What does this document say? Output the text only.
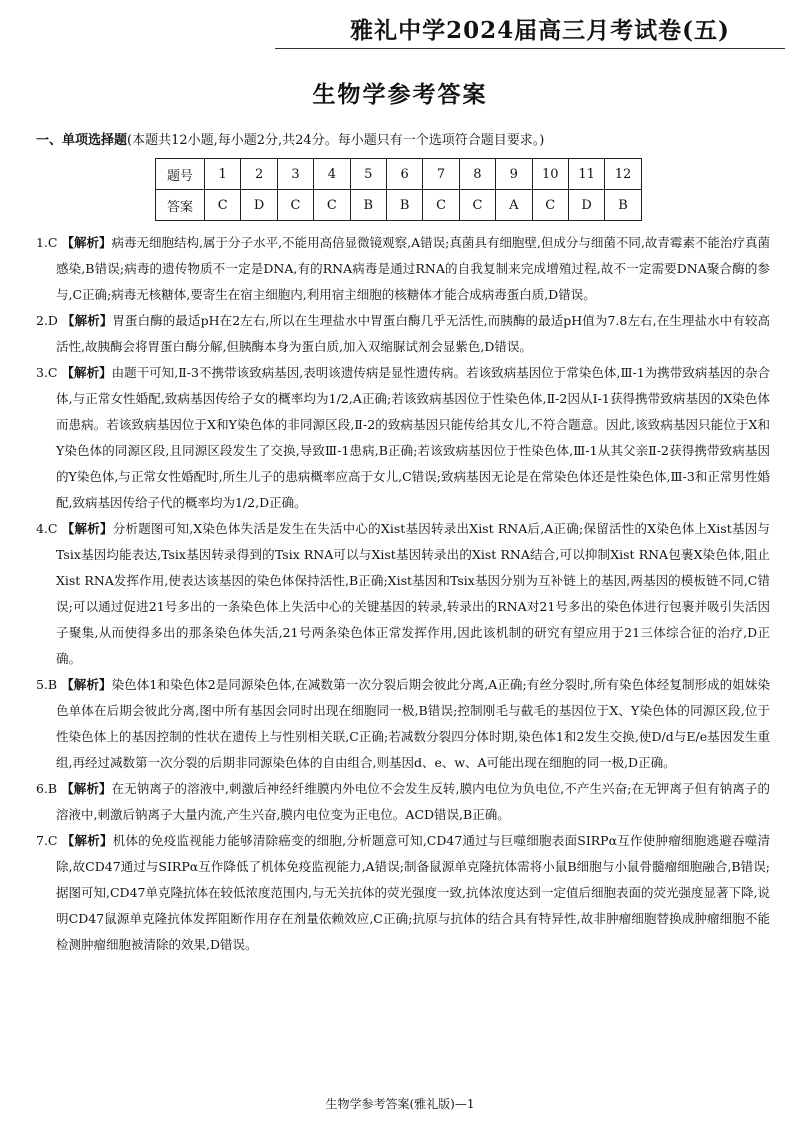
雅礼中学2024届高三月考试卷(五)
生物学参考答案
一、单项选择题(本题共12小题,每小题2分,共24分。每小题只有一个选项符合题目要求。)
题号	1	2	3	4	5	6	7	8	9	10	11	12
答案	C	D	C	C	B	B	C	C	A	C	D	B

1.C 【解析】病毒无细胞结构,属于分子水平,不能用高倍显微镜观察,A错误;真菌具有细胞壁,但成分与细菌不同,故青霉素不能治疗真菌感染,B错误;病毒的遗传物质不一定是DNA,有的RNA病毒是通过RNA的自我复制来完成增殖过程,故不一定需要DNA聚合酶的参与,C正确;病毒无核糖体,要寄生在宿主细胞内,利用宿主细胞的核糖体才能合成病毒蛋白质,D错误。

2.D 【解析】胃蛋白酶的最适pH在2左右,所以在生理盐水中胃蛋白酶几乎无活性,而胰酶的最适pH值为7.8左右,在生理盐水中有较高活性,故胰酶会将胃蛋白酶分解,但胰酶本身为蛋白质,加入双缩脲试剂会显紫色,D错误。

3.C 【解析】由题干可知,Ⅱ-3不携带该致病基因,表明该遗传病是显性遗传病。若该致病基因位于常染色体,Ⅲ-1为携带致病基因的杂合体,与正常女性婚配,致病基因传给子女的概率均为1/2,A正确;若该致病基因位于性染色体,Ⅱ-2因从Ⅰ-1获得携带致病基因的X染色体而患病。若该致病基因位于X和Y染色体的非同源区段,Ⅱ-2的致病基因只能传给其女儿,不符合题意。因此,该致病基因只能位于X和Y染色体的同源区段,且同源区段发生了交换,导致Ⅲ-1患病,B正确;若该致病基因位于性染色体,Ⅲ-1从其父亲Ⅱ-2获得携带致病基因的Y染色体,与正常女性婚配时,所生儿子的患病概率应高于女儿,C错误;致病基因无论是在常染色体还是性染色体,Ⅲ-3和正常男性婚配,致病基因传给子代的概率均为1/2,D正确。

4.C 【解析】分析题图可知,X染色体失活是发生在失活中心的Xist基因转录出Xist RNA后,A正确;保留活性的X染色体上Xist基因与Tsix基因均能表达,Tsix基因转录得到的Tsix RNA可以与Xist基因转录出的Xist RNA结合,可以抑制Xist RNA包裹X染色体,阻止Xist RNA发挥作用,使表达该基因的染色体保持活性,B正确;Xist基因和Tsix基因分别为互补链上的基因,两基因的模板链不同,C错误;可以通过促进21号多出的一条染色体上失活中心的关键基因的转录,转录出的RNA对21号多出的染色体进行包裹并吸引失活因子聚集,从而使得多出的那条染色体失活,21号两条染色体正常发挥作用,因此该机制的研究有望应用于21三体综合征的治疗,D正确。

5.B 【解析】染色体1和染色体2是同源染色体,在减数第一次分裂后期会彼此分离,A正确;有丝分裂时,所有染色体经复制形成的姐妹染色单体在后期会彼此分离,图中所有基因会同时出现在细胞同一极,B错误;控制刚毛与截毛的基因位于X、Y染色体的同源区段,位于性染色体上的基因控制的性状在遗传上与性别相关联,C正确;若减数分裂四分体时期,染色体1和2发生交换,使D/d与E/e基因发生重组,再经过减数第一次分裂的后期非同源染色体的自由组合,则基因d、e、w、A可能出现在细胞的同一极,D正确。

6.B 【解析】在无钠离子的溶液中,刺激后神经纤维膜内外电位不会发生反转,膜内电位为负电位,不产生兴奋;在无钾离子但有钠离子的溶液中,刺激后钠离子大量内流,产生兴奋,膜内电位变为正电位。ACD错误,B正确。

7.C 【解析】机体的免疫监视能力能够清除癌变的细胞,分析题意可知,CD47通过与巨噬细胞表面SIRPα互作使肿瘤细胞逃避吞噬清除,故CD47通过与SIRPα互作降低了机体免疫监视能力,A错误;制备鼠源单克隆抗体需将小鼠B细胞与小鼠骨髓瘤细胞融合,B错误;据图可知,CD47单克隆抗体在较低浓度范围内,与无关抗体的荧光强度一致,抗体浓度达到一定值后细胞表面的荧光强度显著下降,说明CD47鼠源单克隆抗体发挥阻断作用存在剂量依赖效应,C正确;抗原与抗体的结合具有特异性,故非肿瘤细胞替换成肿瘤细胞不能检测肿瘤细胞被清除的效果,D错误。

生物学参考答案(雅礼版)—1
